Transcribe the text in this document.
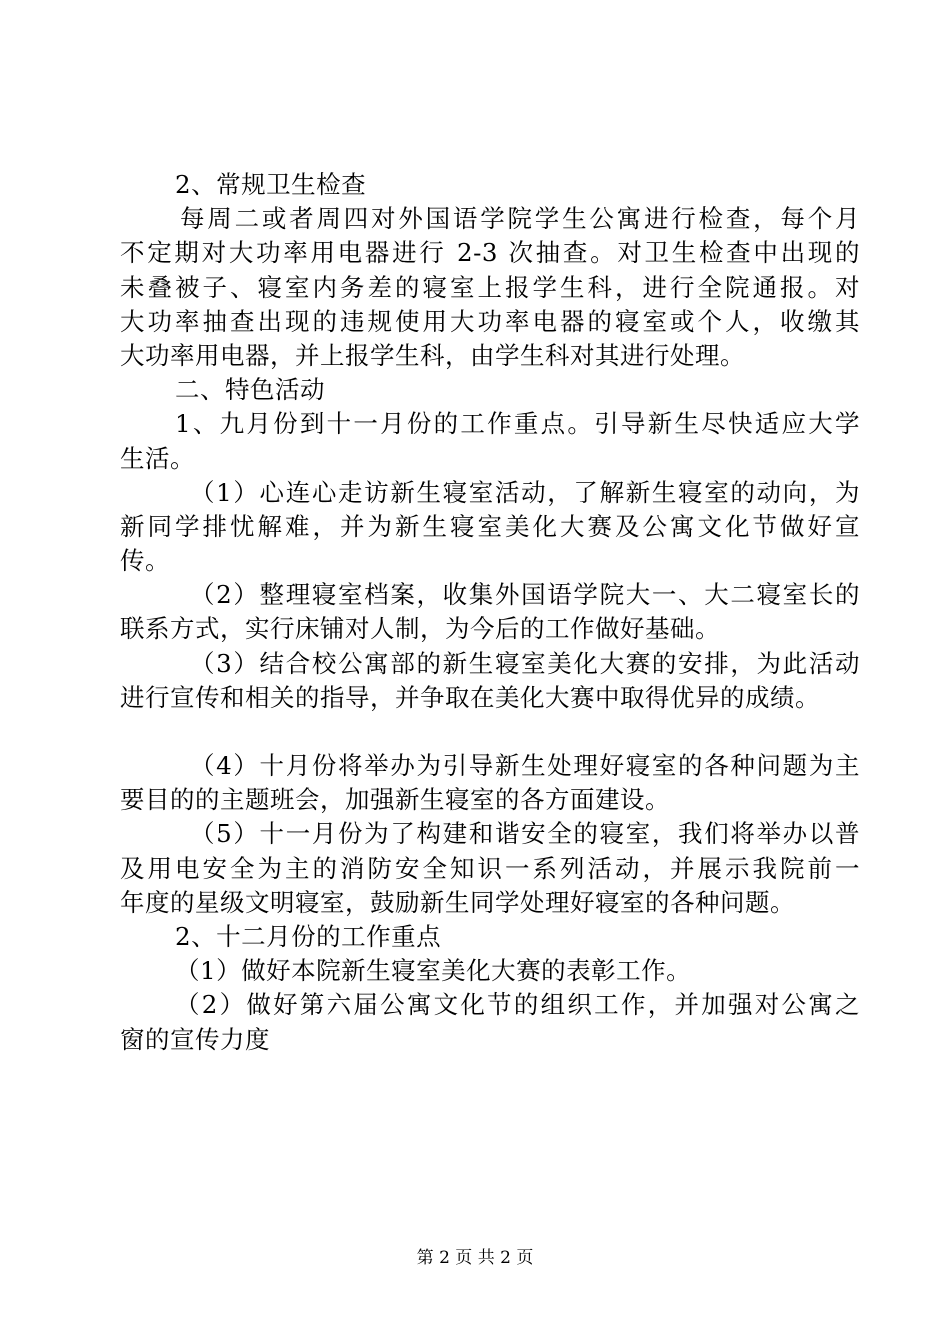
2、常规卫生检查
每周二或者周四对外国语学院学生公寓进行检查，每个月
不定期对大功率用电器进行 2-3 次抽查。对卫生检查中出现的
未叠被子、寝室内务差的寝室上报学生科，进行全院通报。对
大功率抽查出现的违规使用大功率电器的寝室或个人，收缴其
大功率用电器，并上报学生科，由学生科对其进行处理。
二、特色活动
1、九月份到十一月份的工作重点。引导新生尽快适应大学
生活。
（1）心连心走访新生寝室活动，了解新生寝室的动向，为
新同学排忧解难，并为新生寝室美化大赛及公寓文化节做好宣
传。
（2）整理寝室档案，收集外国语学院大一、大二寝室长的
联系方式，实行床铺对人制，为今后的工作做好基础。
（3）结合校公寓部的新生寝室美化大赛的安排，为此活动
进行宣传和相关的指导，并争取在美化大赛中取得优异的成绩。
（4）十月份将举办为引导新生处理好寝室的各种问题为主
要目的的主题班会，加强新生寝室的各方面建设。
（5）十一月份为了构建和谐安全的寝室，我们将举办以普
及用电安全为主的消防安全知识一系列活动，并展示我院前一
年度的星级文明寝室，鼓励新生同学处理好寝室的各种问题。
2、十二月份的工作重点
（1）做好本院新生寝室美化大赛的表彰工作。
（2）做好第六届公寓文化节的组织工作，并加强对公寓之
窗的宣传力度
第 2 页 共 2 页
